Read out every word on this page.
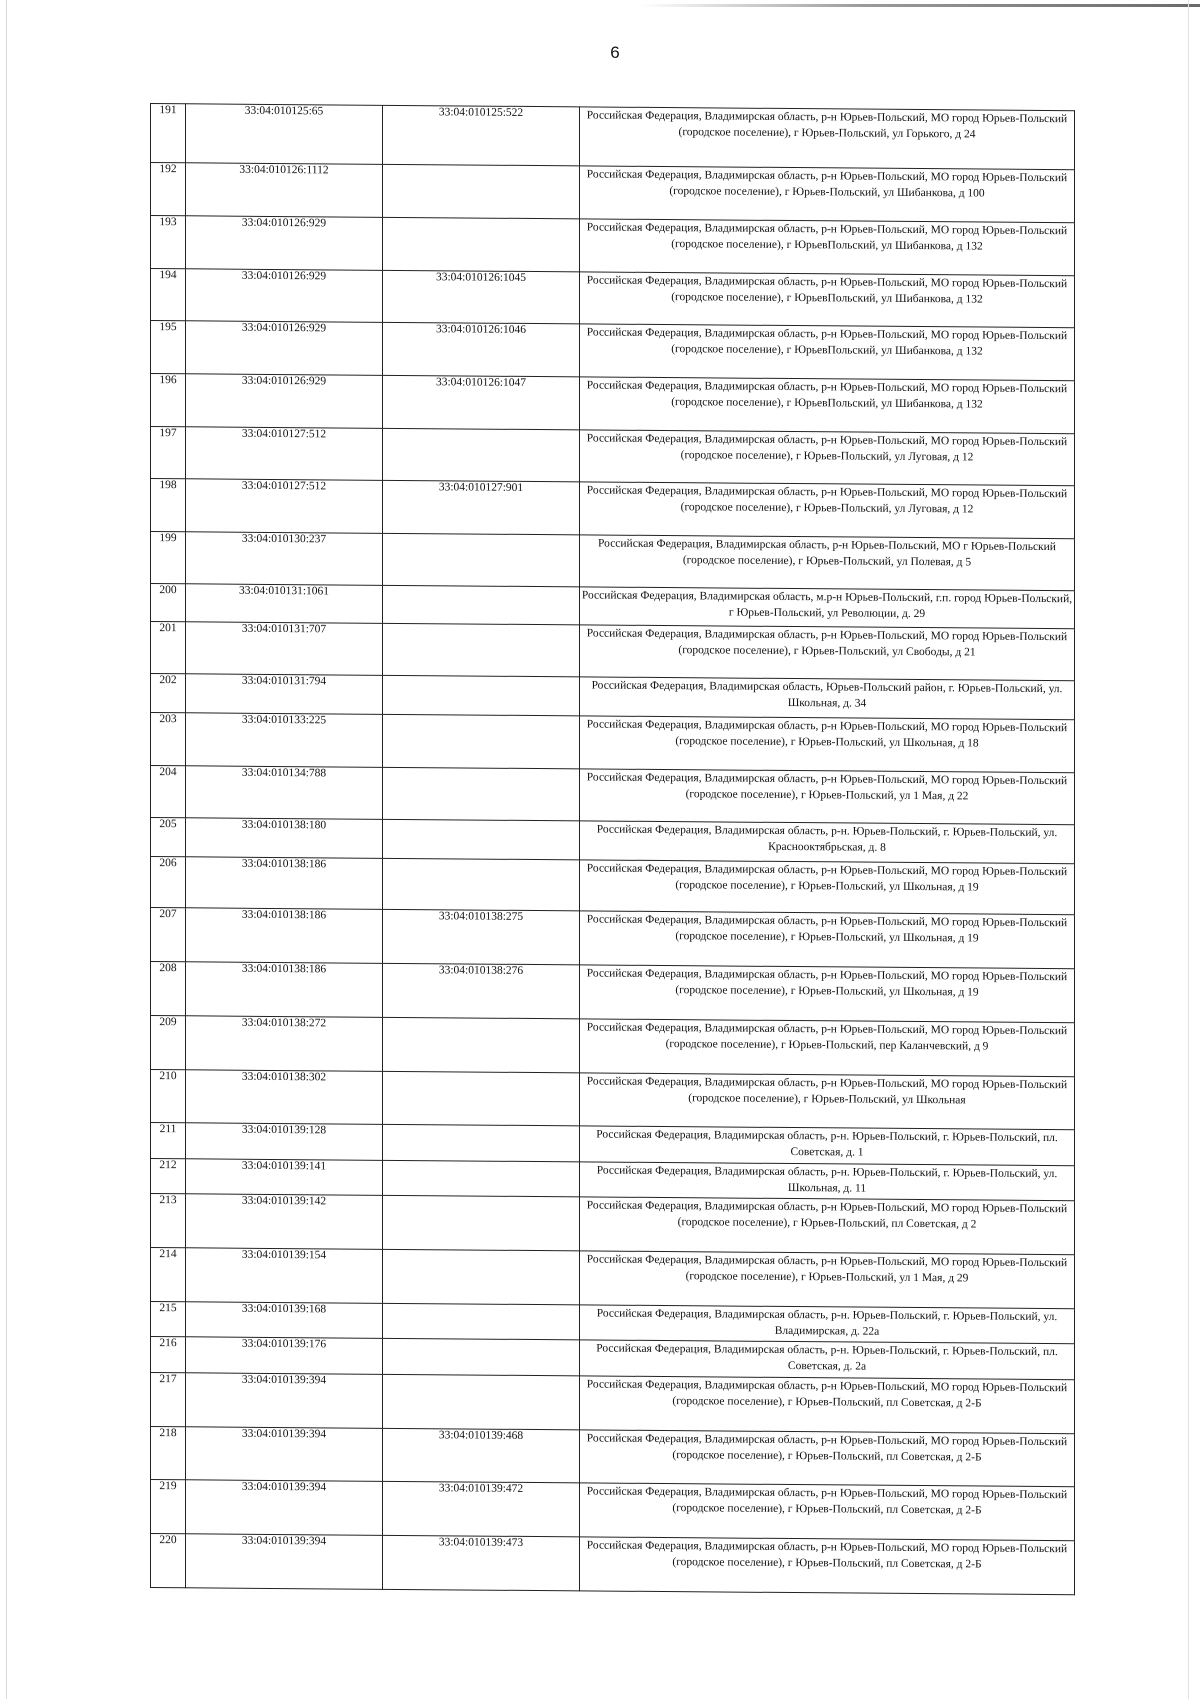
6
191	33:04:010125:65	33:04:010125:522	Российская Федерация, Владимирская область, р-н Юрьев-Польский, МО город Юрьев-Польский (городское поселение), г Юрьев-Польский, ул Горького, д 24
192	33:04:010126:1112		Российская Федерация, Владимирская область, р-н Юрьев-Польский, МО город Юрьев-Польский (городское поселение), г Юрьев-Польский, ул Шибанкова, д 100
193	33:04:010126:929		Российская Федерация, Владимирская область, р-н Юрьев-Польский, МО город Юрьев-Польский (городское поселение), г ЮрьевПольский, ул Шибанкова, д 132
194	33:04:010126:929	33:04:010126:1045	Российская Федерация, Владимирская область, р-н Юрьев-Польский, МО город Юрьев-Польский (городское поселение), г ЮрьевПольский, ул Шибанкова, д 132
195	33:04:010126:929	33:04:010126:1046	Российская Федерация, Владимирская область, р-н Юрьев-Польский, МО город Юрьев-Польский (городское поселение), г ЮрьевПольский, ул Шибанкова, д 132
196	33:04:010126:929	33:04:010126:1047	Российская Федерация, Владимирская область, р-н Юрьев-Польский, МО город Юрьев-Польский (городское поселение), г ЮрьевПольский, ул Шибанкова, д 132
197	33:04:010127:512		Российская Федерация, Владимирская область, р-н Юрьев-Польский, МО город Юрьев-Польский (городское поселение), г Юрьев-Польский, ул Луговая, д 12
198	33:04:010127:512	33:04:010127:901	Российская Федерация, Владимирская область, р-н Юрьев-Польский, МО город Юрьев-Польский (городское поселение), г Юрьев-Польский, ул Луговая, д 12
199	33:04:010130:237		Российская Федерация, Владимирская область, р-н Юрьев-Польский, МО г Юрьев-Польский (городское поселение), г Юрьев-Польский, ул Полевая, д 5
200	33:04:010131:1061		Российская Федерация, Владимирская область, м.р-н Юрьев-Польский, г.п. город Юрьев-Польский, г Юрьев-Польский, ул Революции, д. 29
201	33:04:010131:707		Российская Федерация, Владимирская область, р-н Юрьев-Польский, МО город Юрьев-Польский (городское поселение), г Юрьев-Польский, ул Свободы, д 21
202	33:04:010131:794		Российская Федерация, Владимирская область, Юрьев-Польский район, г. Юрьев-Польский, ул. Школьная, д. 34
203	33:04:010133:225		Российская Федерация, Владимирская область, р-н Юрьев-Польский, МО город Юрьев-Польский (городское поселение), г Юрьев-Польский, ул Школьная, д 18
204	33:04:010134:788		Российская Федерация, Владимирская область, р-н Юрьев-Польский, МО город Юрьев-Польский (городское поселение), г Юрьев-Польский, ул 1 Мая, д 22
205	33:04:010138:180		Российская Федерация, Владимирская область, р-н. Юрьев-Польский, г. Юрьев-Польский, ул. Краснооктябрьская, д. 8
206	33:04:010138:186		Российская Федерация, Владимирская область, р-н Юрьев-Польский, МО город Юрьев-Польский (городское поселение), г Юрьев-Польский, ул Школьная, д 19
207	33:04:010138:186	33:04:010138:275	Российская Федерация, Владимирская область, р-н Юрьев-Польский, МО город Юрьев-Польский (городское поселение), г Юрьев-Польский, ул Школьная, д 19
208	33:04:010138:186	33:04:010138:276	Российская Федерация, Владимирская область, р-н Юрьев-Польский, МО город Юрьев-Польский (городское поселение), г Юрьев-Польский, ул Школьная, д 19
209	33:04:010138:272		Российская Федерация, Владимирская область, р-н Юрьев-Польский, МО город Юрьев-Польский (городское поселение), г Юрьев-Польский, пер Каланчевский, д 9
210	33:04:010138:302		Российская Федерация, Владимирская область, р-н Юрьев-Польский, МО город Юрьев-Польский (городское поселение), г Юрьев-Польский, ул Школьная
211	33:04:010139:128		Российская Федерация, Владимирская область, р-н. Юрьев-Польский, г. Юрьев-Польский, пл. Советская, д. 1
212	33:04:010139:141		Российская Федерация, Владимирская область, р-н. Юрьев-Польский, г. Юрьев-Польский, ул. Школьная, д. 11
213	33:04:010139:142		Российская Федерация, Владимирская область, р-н Юрьев-Польский, МО город Юрьев-Польский (городское поселение), г Юрьев-Польский, пл Советская, д 2
214	33:04:010139:154		Российская Федерация, Владимирская область, р-н Юрьев-Польский, МО город Юрьев-Польский (городское поселение), г Юрьев-Польский, ул 1 Мая, д 29
215	33:04:010139:168		Российская Федерация, Владимирская область, р-н. Юрьев-Польский, г. Юрьев-Польский, ул. Владимирская, д. 22а
216	33:04:010139:176		Российская Федерация, Владимирская область, р-н. Юрьев-Польский, г. Юрьев-Польский, пл. Советская, д. 2а
217	33:04:010139:394		Российская Федерация, Владимирская область, р-н Юрьев-Польский, МО город Юрьев-Польский (городское поселение), г Юрьев-Польский, пл Советская, д 2-Б
218	33:04:010139:394	33:04:010139:468	Российская Федерация, Владимирская область, р-н Юрьев-Польский, МО город Юрьев-Польский (городское поселение), г Юрьев-Польский, пл Советская, д 2-Б
219	33:04:010139:394	33:04:010139:472	Российская Федерация, Владимирская область, р-н Юрьев-Польский, МО город Юрьев-Польский (городское поселение), г Юрьев-Польский, пл Советская, д 2-Б
220	33:04:010139:394	33:04:010139:473	Российская Федерация, Владимирская область, р-н Юрьев-Польский, МО город Юрьев-Польский (городское поселение), г Юрьев-Польский, пл Советская, д 2-Б
